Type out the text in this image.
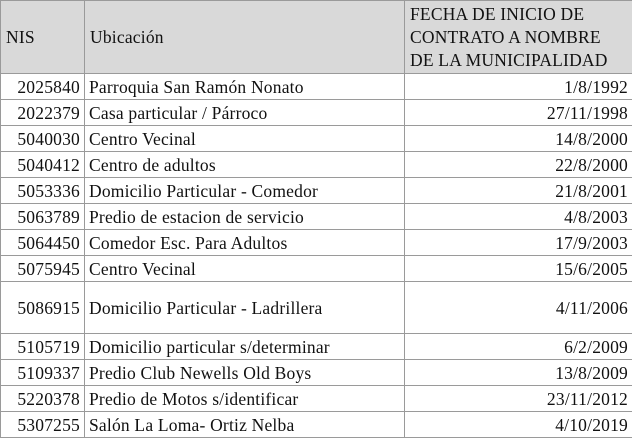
NIS	Ubicación	FECHA DE INICIO DE
CONTRATO A NOMBRE
DE LA MUNICIPALIDAD

2025840	Parroquia San Ramón Nonato	1/8/1992
2022379	Casa particular / Párroco	27/11/1998
5040030	Centro Vecinal	14/8/2000
5040412	Centro de adultos	22/8/2000
5053336	Domicilio Particular - Comedor	21/8/2001
5063789	Predio de estacion de servicio	4/8/2003
5064450	Comedor Esc. Para Adultos	17/9/2003
5075945	Centro Vecinal	15/6/2005
5086915	Domicilio Particular - Ladrillera	4/11/2006
5105719	Domicilio particular s/determinar	6/2/2009
5109337	Predio Club Newells Old Boys	13/8/2009
5220378	Predio de Motos s/identificar	23/11/2012
5307255	Salón La Loma- Ortiz Nelba	4/10/2019
